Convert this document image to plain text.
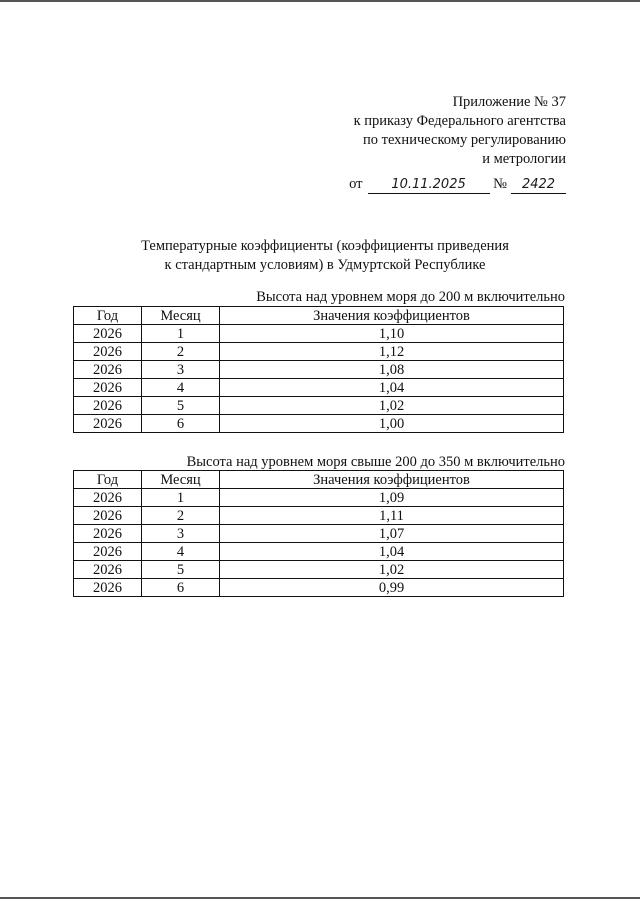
Приложение № 37
к приказу Федерального агентства
по техническому регулированию
и метрологии
от 10.11.2025 № 2422
Температурные коэффициенты (коэффициенты приведения
к стандартным условиям) в Удмуртской Республике
Высота над уровнем моря до 200 м включительно
Год	Месяц	Значения коэффициентов
2026	1	1,10
2026	2	1,12
2026	3	1,08
2026	4	1,04
2026	5	1,02
2026	6	1,00
Высота над уровнем моря свыше 200 до 350 м включительно
Год	Месяц	Значения коэффициентов
2026	1	1,09
2026	2	1,11
2026	3	1,07
2026	4	1,04
2026	5	1,02
2026	6	0,99
